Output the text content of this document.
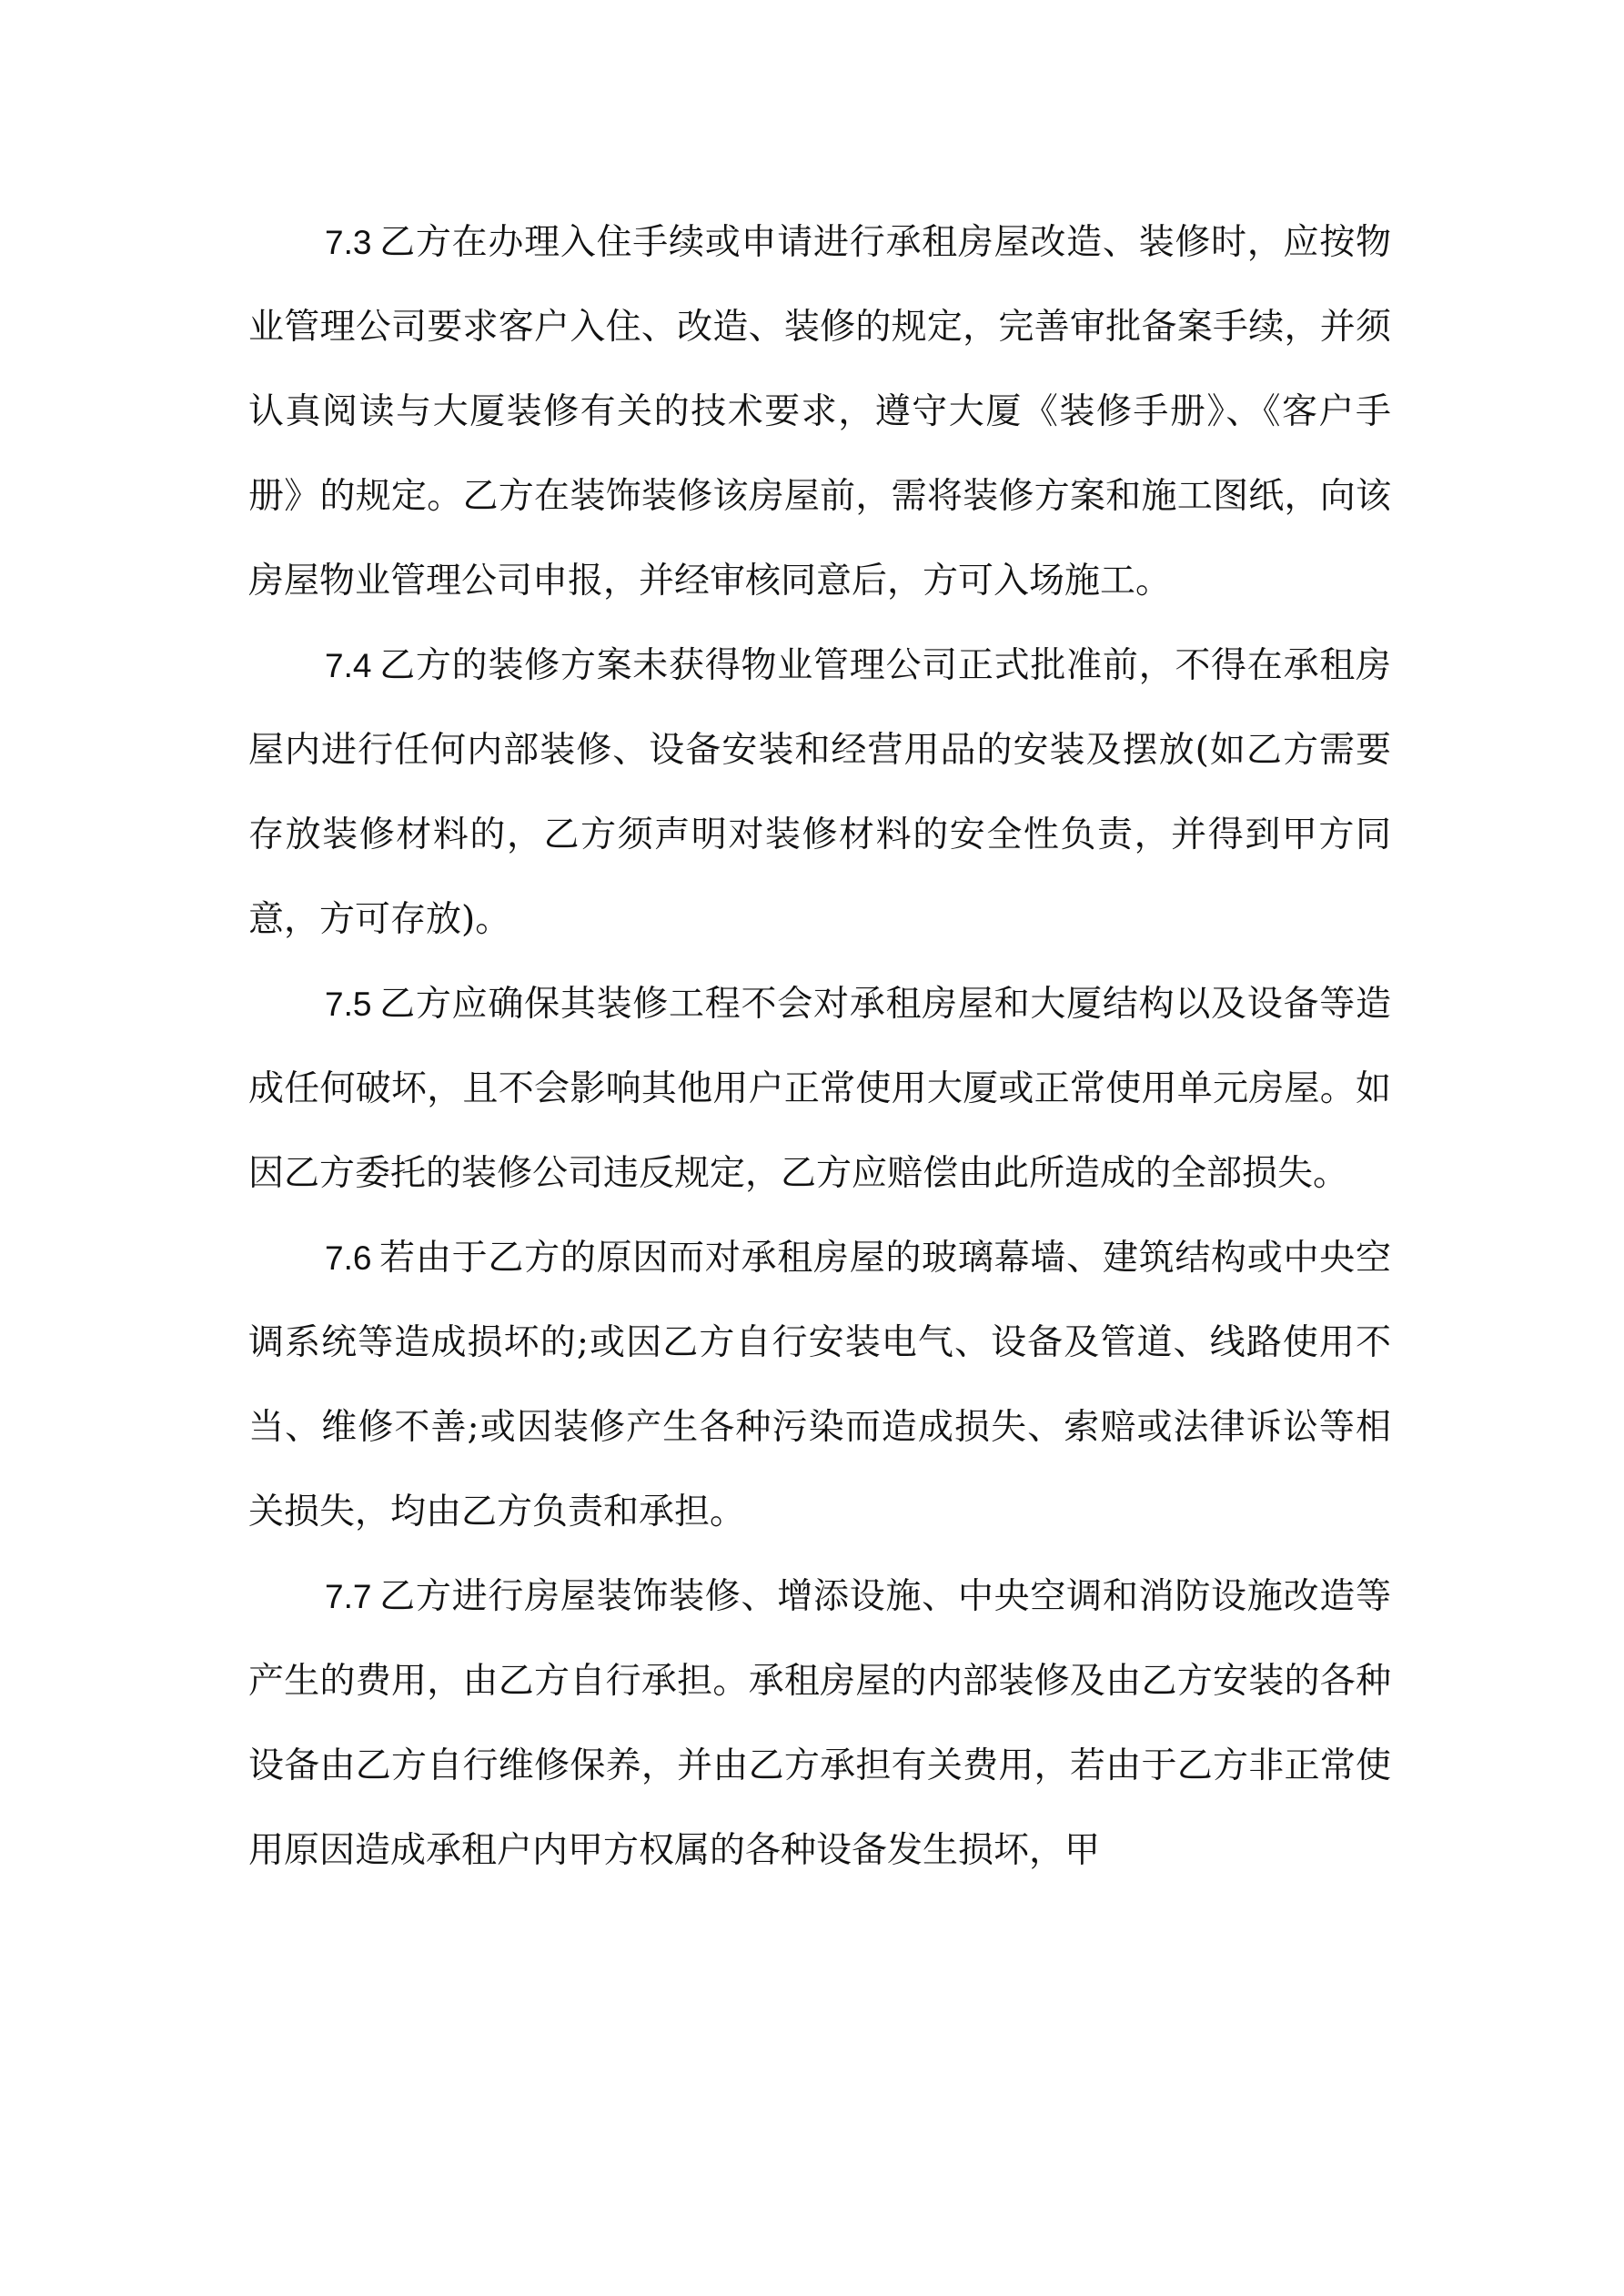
7.3 乙方在办理入住手续或申请进行承租房屋改造、装修时，应按物业管理公司要求客户入住、改造、装修的规定，完善审批备案手续，并须认真阅读与大厦装修有关的技术要求，遵守大厦《装修手册》、《客户手册》的规定。乙方在装饰装修该房屋前，需将装修方案和施工图纸，向该房屋物业管理公司申报，并经审核同意后，方可入场施工。

7.4 乙方的装修方案未获得物业管理公司正式批准前，不得在承租房屋内进行任何内部装修、设备安装和经营用品的安装及摆放(如乙方需要存放装修材料的，乙方须声明对装修材料的安全性负责，并得到甲方同意，方可存放)。

7.5 乙方应确保其装修工程不会对承租房屋和大厦结构以及设备等造成任何破坏，且不会影响其他用户正常使用大厦或正常使用单元房屋。如因乙方委托的装修公司违反规定，乙方应赔偿由此所造成的全部损失。

7.6 若由于乙方的原因而对承租房屋的玻璃幕墙、建筑结构或中央空调系统等造成损坏的;或因乙方自行安装电气、设备及管道、线路使用不当、维修不善;或因装修产生各种污染而造成损失、索赔或法律诉讼等相关损失，均由乙方负责和承担。

7.7 乙方进行房屋装饰装修、增添设施、中央空调和消防设施改造等产生的费用，由乙方自行承担。承租房屋的内部装修及由乙方安装的各种设备由乙方自行维修保养，并由乙方承担有关费用，若由于乙方非正常使用原因造成承租户内甲方权属的各种设备发生损坏，甲
